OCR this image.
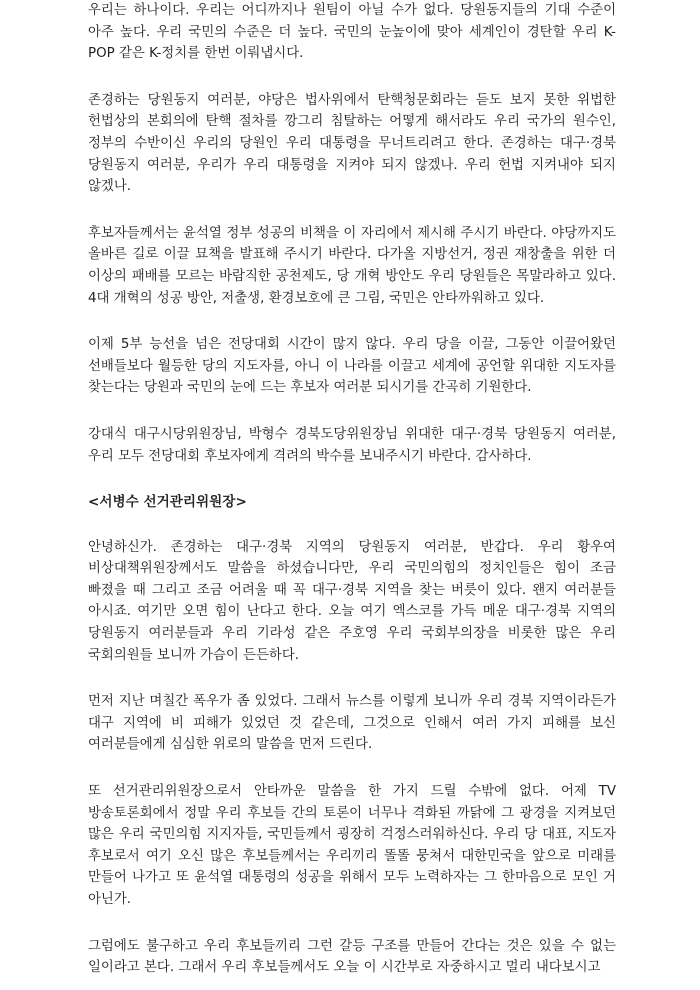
우리는 하나이다. 우리는 어디까지나 원팀이 아닐 수가 없다. 당원동지들의 기대 수준이 아주 높다. 우리 국민의 수준은 더 높다. 국민의 눈높이에 맞아 세계인이 경탄할 우리 K-POP 같은 K-정치를 한번 이뤄냅시다.

존경하는 당원동지 여러분, 야당은 법사위에서 탄핵청문회라는 듣도 보지 못한 위법한 헌법상의 본회의에 탄핵 절차를 깡그리 침탈하는 어떻게 해서라도 우리 국가의 원수인, 정부의 수반이신 우리의 당원인 우리 대통령을 무너트리려고 한다. 존경하는 대구·경북 당원동지 여러분, 우리가 우리 대통령을 지켜야 되지 않겠나. 우리 헌법 지켜내야 되지 않겠나.

후보자들께서는 윤석열 정부 성공의 비책을 이 자리에서 제시해 주시기 바란다. 야당까지도 올바른 길로 이끌 묘책을 발표해 주시기 바란다. 다가올 지방선거, 정권 재창출을 위한 더 이상의 패배를 모르는 바람직한 공천제도, 당 개혁 방안도 우리 당원들은 목말라하고 있다. 4대 개혁의 성공 방안, 저출생, 환경보호에 큰 그림, 국민은 안타까워하고 있다.

이제 5부 능선을 넘은 전당대회 시간이 많지 않다. 우리 당을 이끌, 그동안 이끌어왔던 선배들보다 월등한 당의 지도자를, 아니 이 나라를 이끌고 세계에 공언할 위대한 지도자를 찾는다는 당원과 국민의 눈에 드는 후보자 여러분 되시기를 간곡히 기원한다.

강대식 대구시당위원장님, 박형수 경북도당위원장님 위대한 대구·경북 당원동지 여러분, 우리 모두 전당대회 후보자에게 격려의 박수를 보내주시기 바란다. 감사하다.

<서병수 선거관리위원장>

안녕하신가. 존경하는 대구·경북 지역의 당원동지 여러분, 반갑다. 우리 황우여 비상대책위원장께서도 말씀을 하셨습니다만, 우리 국민의힘의 정치인들은 힘이 조금 빠졌을 때 그리고 조금 어려울 때 꼭 대구·경북 지역을 찾는 버릇이 있다. 왠지 여러분들 아시죠. 여기만 오면 힘이 난다고 한다. 오늘 여기 엑스코를 가득 메운 대구·경북 지역의 당원동지 여러분들과 우리 기라성 같은 주호영 우리 국회부의장을 비롯한 많은 우리 국회의원들 보니까 가슴이 든든하다.

먼저 지난 며칠간 폭우가 좀 있었다. 그래서 뉴스를 이렇게 보니까 우리 경북 지역이라든가 대구 지역에 비 피해가 있었던 것 같은데, 그것으로 인해서 여러 가지 피해를 보신 여러분들에게 심심한 위로의 말씀을 먼저 드린다.

또 선거관리위원장으로서 안타까운 말씀을 한 가지 드릴 수밖에 없다. 어제 TV 방송토론회에서 정말 우리 후보들 간의 토론이 너무나 격화된 까닭에 그 광경을 지켜보던 많은 우리 국민의힘 지지자들, 국민들께서 굉장히 걱정스러워하신다. 우리 당 대표, 지도자 후보로서 여기 오신 많은 후보들께서는 우리끼리 똘똘 뭉쳐서 대한민국을 앞으로 미래를 만들어 나가고 또 윤석열 대통령의 성공을 위해서 모두 노력하자는 그 한마음으로 모인 거 아닌가.

그럼에도 불구하고 우리 후보들끼리 그런 갈등 구조를 만들어 간다는 것은 있을 수 없는 일이라고 본다. 그래서 우리 후보들께서도 오늘 이 시간부로 자중하시고 멀리 내다보시고
